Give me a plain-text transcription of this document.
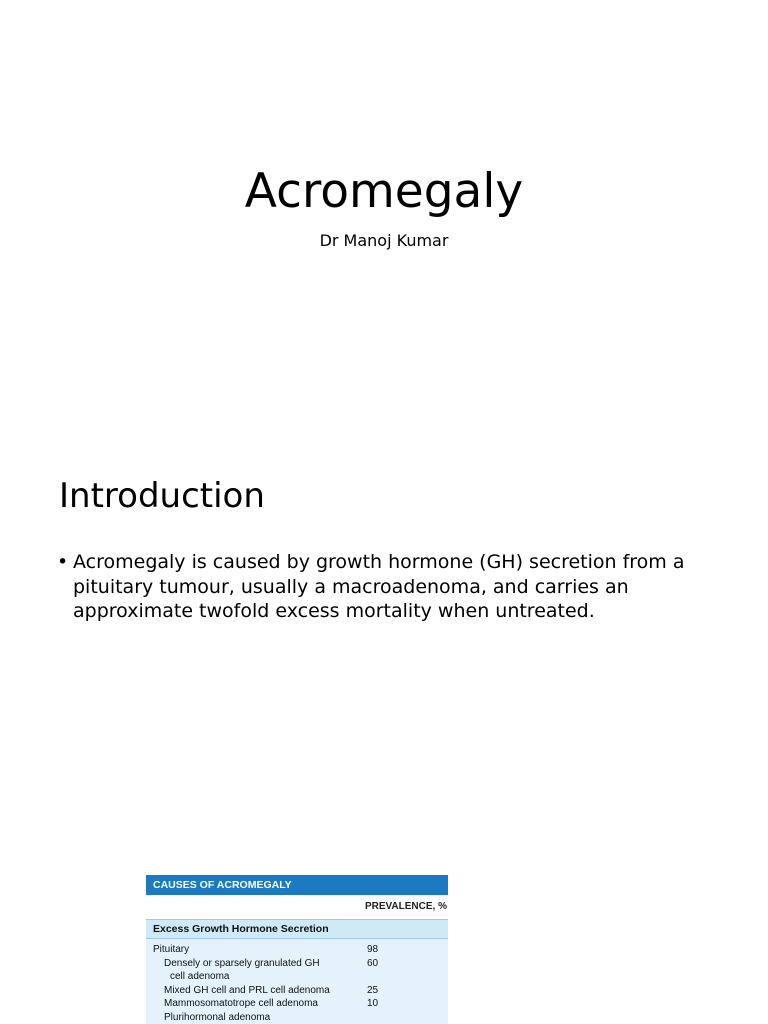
Acromegaly
Dr Manoj Kumar
Introduction
• Acromegaly is caused by growth hormone (GH) secretion from a pituitary tumour, usually a macroadenoma, and carries an approximate twofold excess mortality when untreated.
CAUSES OF ACROMEGALY
PREVALENCE, %
Excess Growth Hormone Secretion
Pituitary	98
Densely or sparsely granulated GH	60
cell adenoma
Mixed GH cell and PRL cell adenoma	25
Mammosomatotrope cell adenoma	10
Plurihormonal adenoma
